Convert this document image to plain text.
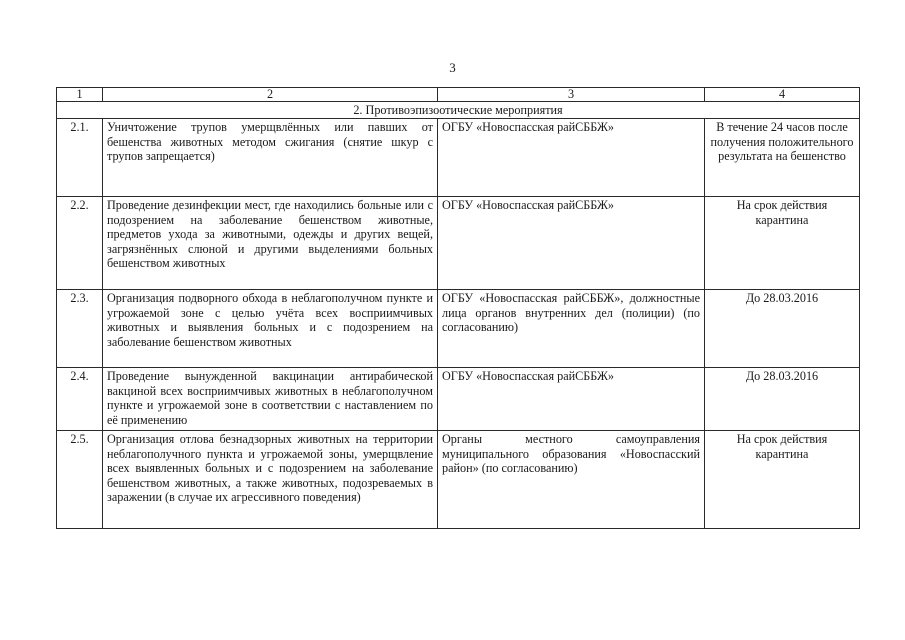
3
1	2	3	4
2. Противоэпизоотические мероприятия			
2.1.	Уничтожение трупов умерщвлённых или павших от бешенства животных методом сжигания (снятие шкур с трупов запрещается)	ОГБУ «Новоспасская райСББЖ»	В течение 24 часов после получения положительного результата на бешенство
2.2.	Проведение дезинфекции мест, где находились больные или с подозрением на заболевание бешенством животные, предметов ухода за животными, одежды и других вещей, загрязнённых слюной и другими выделениями больных бешенством животных	ОГБУ «Новоспасская райСББЖ»	На срок действия карантина
2.3.	Организация подворного обхода в неблагополучном пункте и угрожаемой зоне с целью учёта всех восприимчивых животных и выявления больных и с подозрением на заболевание бешенством животных	ОГБУ «Новоспасская райСББЖ», должностные лица органов внутренних дел (полиции) (по согласованию)	До 28.03.2016
2.4.	Проведение вынужденной вакцинации антирабической вакциной всех восприимчивых животных в неблагополучном пункте и угрожаемой зоне в соответствии с наставлением по её применению	ОГБУ «Новоспасская райСББЖ»	До 28.03.2016
2.5.	Организация отлова безнадзорных животных на территории неблагополучного пункта и угрожаемой зоны, умерщвление всех выявленных больных и с подозрением на заболевание бешенством животных, а также животных, подозреваемых в заражении (в случае их агрессивного поведения)	Органы местного самоуправления муниципального образования «Новоспасский район» (по согласованию)	На срок действия карантина
